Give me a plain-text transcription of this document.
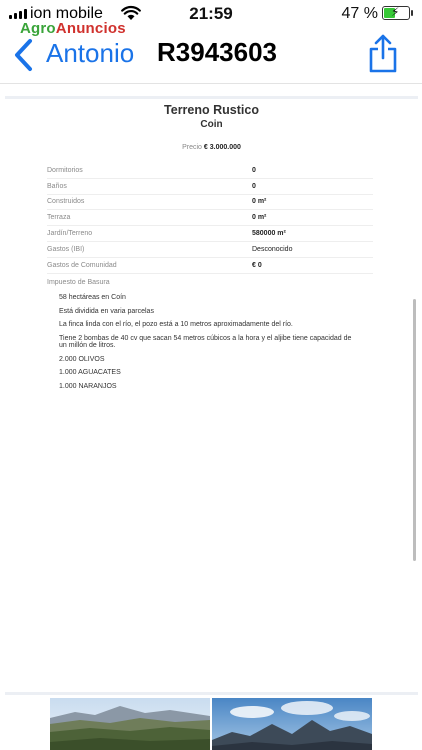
ion mobile	21:59	47 % ⚡
AgroAnuncios
Antonio R3943603
Terreno Rustico
Coin
Precio € 3.000.000
Dormitorios	0
Baños	0
Construidos	0 m²
Terraza	0 m²
Jardín/Terreno	580000 m²
Gastos (IBI)	Desconocido
Gastos de Comunidad	€ 0
Impuesto de Basura
58 hectáreas en Coín
Está dividida en varia parcelas
La finca linda con el río, el pozo está a 10 metros aproximadamente del río.
Tiene 2 bombas de 40 cv que sacan 54 metros cúbicos a la hora y el aljibe tiene capacidad de un millón de litros.
2.000 OLIVOS
1.000 AGUACATES
1.000 NARANJOS
